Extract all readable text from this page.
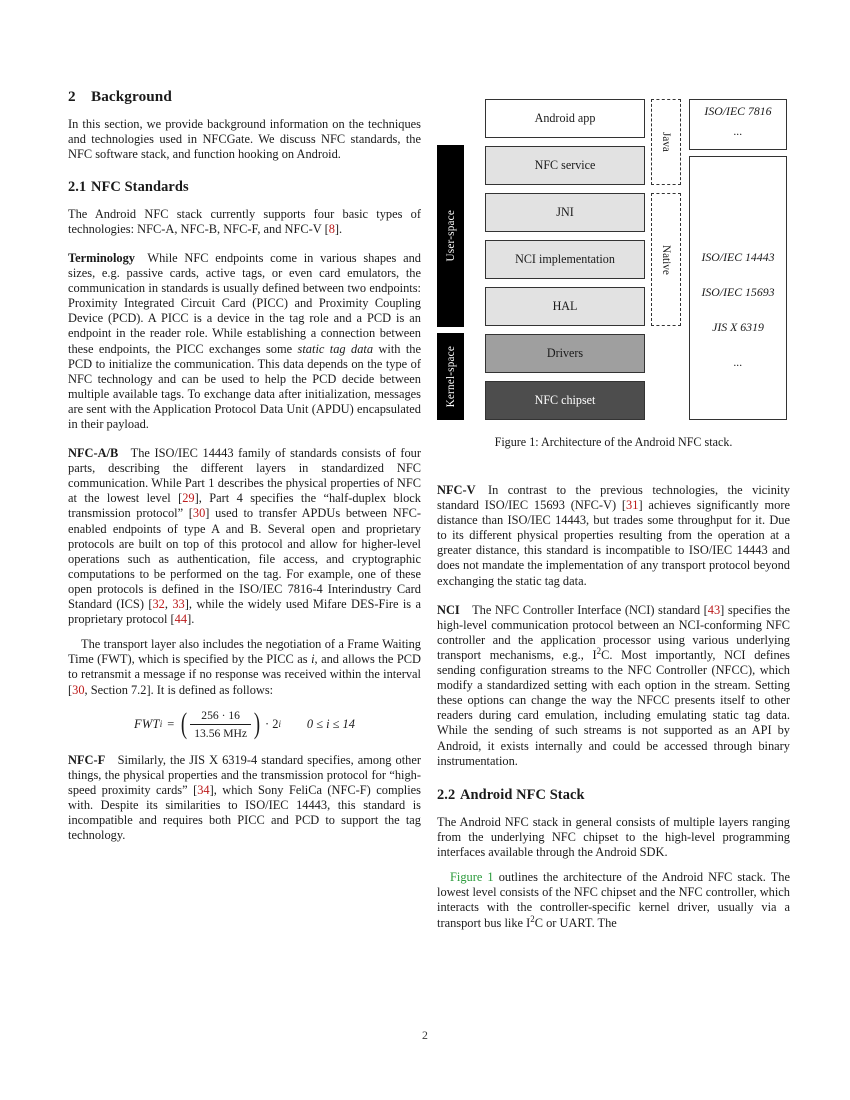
2 Background

In this section, we provide background information on the techniques and technologies used in NFCGate. We discuss NFC standards, the NFC software stack, and function hooking on Android.

2.1 NFC Standards

The Android NFC stack currently supports four basic types of technologies: NFC-A, NFC-B, NFC-F, and NFC-V [8].

Terminology While NFC endpoints come in various shapes and sizes, e.g. passive cards, active tags, or even card emulators, the communication in standards is usually defined between two endpoints: Proximity Integrated Circuit Card (PICC) and Proximity Coupling Device (PCD). A PICC is a device in the tag role and a PCD is an endpoint in the reader role. While establishing a connection between these endpoints, the PICC exchanges some static tag data with the PCD to initialize the communication. This data depends on the type of NFC technology and can be used to help the PCD decide between multiple available tags. To exchange data after initialization, messages are sent with the Application Protocol Data Unit (APDU) encapsulated in their payload.

NFC-A/B The ISO/IEC 14443 family of standards consists of four parts, describing the different layers in standardized NFC communication. While Part 1 describes the physical properties of NFC at the lowest level [29], Part 4 specifies the “half-duplex block transmission protocol” [30] used to transfer APDUs between NFC-enabled endpoints of type A and B. Several open and proprietary protocols are built on top of this protocol and allow for higher-level operations such as authentication, file access, and cryptographic computations to be performed on the tag. For example, one of these open protocols is defined in the ISO/IEC 7816-4 Interindustry Card Standard (ICS) [32, 33], while the widely used Mifare DES-Fire is a proprietary protocol [44].

The transport layer also includes the negotiation of a Frame Waiting Time (FWT), which is specified by the PICC as i, and allows the PCD to retransmit a message if no response was received within the interval [30, Section 7.2]. It is defined as follows:

FWT i = ( $\frac{256 \cdot 16}{\text{13.56 MHz}}$ ) · 2 i 0 ≤ i ≤ 14

NFC-F Similarly, the JIS X 6319-4 standard specifies, among other things, the physical properties and the transmission protocol for “high-speed proximity cards” [34], which Sony FeliCa (NFC-F) complies with. Despite its similarities to ISO/IEC 14443, this standard is incompatible and requires both PICC and PCD to support the tag technology.

User-space
Kernel-space
Android app
NFC service
JNI
NCI implementation
HAL
Drivers
NFC chipset
Java
Native
ISO/IEC 7816
...
ISO/IEC 14443
ISO/IEC 15693
JIS X 6319
...
Figure 1: Architecture of the Android NFC stack.

NFC-V In contrast to the previous technologies, the vicinity standard ISO/IEC 15693 (NFC-V) [31] achieves significantly more distance than ISO/IEC 14443, but trades some throughput for it. Due to its different physical properties resulting from the operation at a greater distance, this standard is incompatible to ISO/IEC 14443 and does not mandate the implementation of any transport protocol beyond exchanging the static tag data.

NCI The NFC Controller Interface (NCI) standard [43] specifies the high-level communication protocol between an NCI-conforming NFC controller and the application processor using various underlying transport mechanisms, e.g., $I^2C$. Most importantly, NCI defines sending configuration streams to the NFC Controller (NFCC), which modify a standardized setting with each option in the stream. Setting these options can change the way the NFCC presents itself to other readers during card emulation, including emulating static tag data. While the sending of such streams is not supported as an API by Android, it exists internally and could be accessed through binary instrumentation.

2.2 Android NFC Stack

The Android NFC stack in general consists of multiple layers ranging from the underlying NFC chipset to the high-level programming interfaces available through the Android SDK.

Figure 1 outlines the architecture of the Android NFC stack. The lowest level consists of the NFC chipset and the NFC controller, which interacts with the controller-specific kernel driver, usually via a transport bus like $I^2C$ or UART. The

2
